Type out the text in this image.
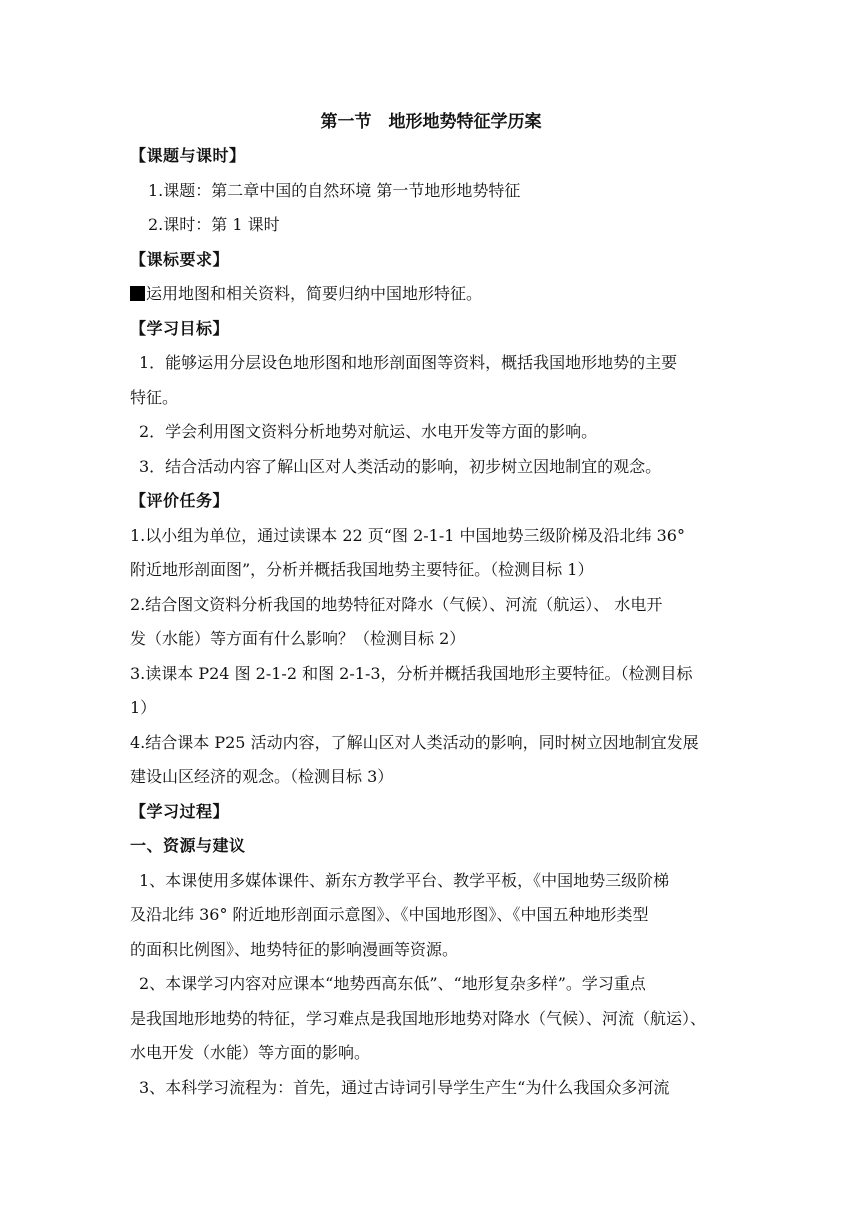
第一节　地形地势特征学历案
【课题与课时】
1.课题：第二章中国的自然环境 第一节地形地势特征
2.课时：第 1 课时
【课标要求】
运用地图和相关资料，简要归纳中国地形特征。
【学习目标】
1．能够运用分层设色地形图和地形剖面图等资料，概括我国地形地势的主要
特征。
2．学会利用图文资料分析地势对航运、水电开发等方面的影响。
3．结合活动内容了解山区对人类活动的影响，初步树立因地制宜的观念。
【评价任务】
1.以小组为单位，通过读课本 22 页“图 2-1-1 中国地势三级阶梯及沿北纬 36°
附近地形剖面图”，分析并概括我国地势主要特征。（检测目标 1）
2.结合图文资料分析我国的地势特征对降水（气候）、河流（航运）、 水电开
发（水能）等方面有什么影响？（检测目标 2）
3.读课本 P24 图 2-1-2 和图 2-1-3，分析并概括我国地形主要特征。（检测目标
1）
4.结合课本 P25 活动内容，了解山区对人类活动的影响，同时树立因地制宜发展
建设山区经济的观念。（检测目标 3）
【学习过程】
一、资源与建议
1、本课使用多媒体课件、新东方教学平台、教学平板，《中国地势三级阶梯
及沿北纬 36° 附近地形剖面示意图》、《中国地形图》、《中国五种地形类型
的面积比例图》、地势特征的影响漫画等资源。
2、本课学习内容对应课本“地势西高东低”、“地形复杂多样”。学习重点
是我国地形地势的特征，学习难点是我国地形地势对降水（气候）、河流（航运）、
水电开发（水能）等方面的影响。
3、本科学习流程为：首先，通过古诗词引导学生产生“为什么我国众多河流
